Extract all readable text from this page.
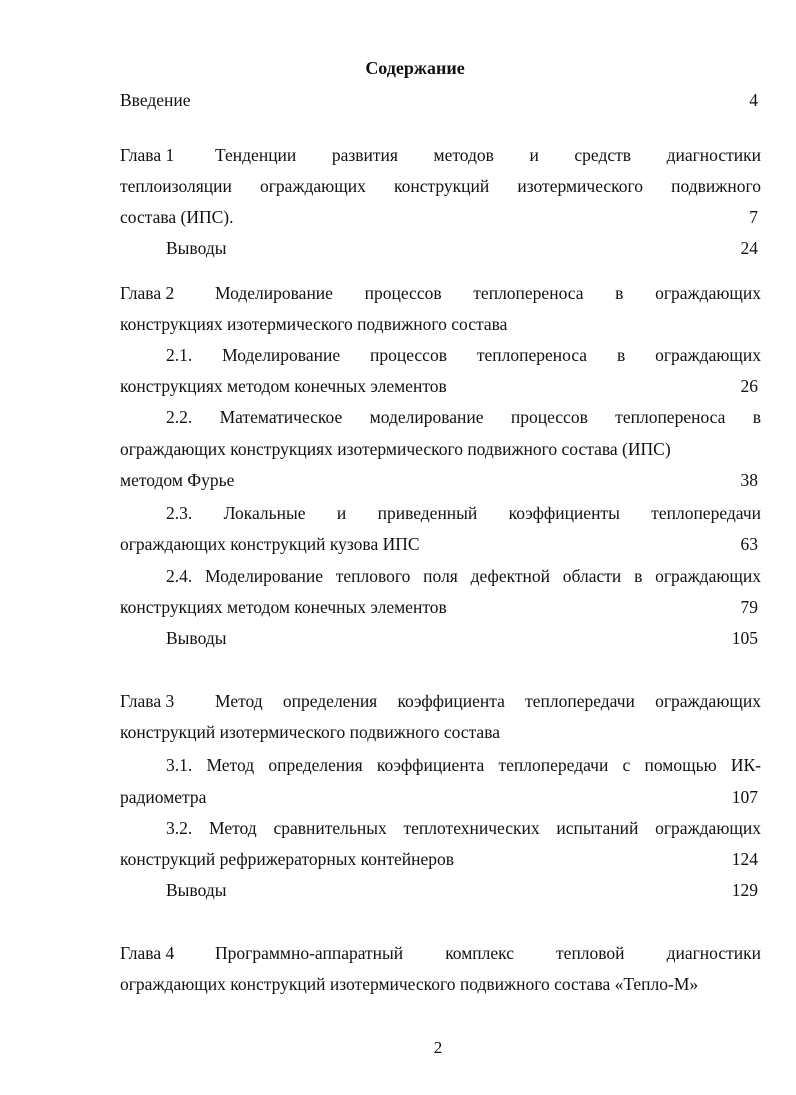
Содержание
Введение	4
Глава 1	Тенденции развития методов и средств диагностики
теплоизоляции ограждающих конструкций изотермического подвижного
состава (ИПС).	7
Выводы	24
Глава 2	Моделирование процессов теплопереноса в ограждающих
конструкциях изотермического подвижного состава
2.1. Моделирование процессов теплопереноса в ограждающих
конструкциях методом конечных элементов	26
2.2. Математическое моделирование процессов теплопереноса в
ограждающих конструкциях изотермического подвижного состава (ИПС)
методом Фурье	38
2.3. Локальные и приведенный коэффициенты теплопередачи
ограждающих конструкций кузова ИПС	63
2.4. Моделирование теплового поля дефектной области в ограждающих
конструкциях методом конечных элементов	79
Выводы	105
Глава 3	Метод определения коэффициента теплопередачи ограждающих
конструкций изотермического подвижного состава
3.1. Метод определения коэффициента теплопередачи с помощью ИК-
радиометра	107
3.2. Метод сравнительных теплотехнических испытаний ограждающих
конструкций рефрижераторных контейнеров	124
Выводы	129
Глава 4	Программно-аппаратный комплекс тепловой диагностики
ограждающих конструкций изотермического подвижного состава «Тепло-М»
2
